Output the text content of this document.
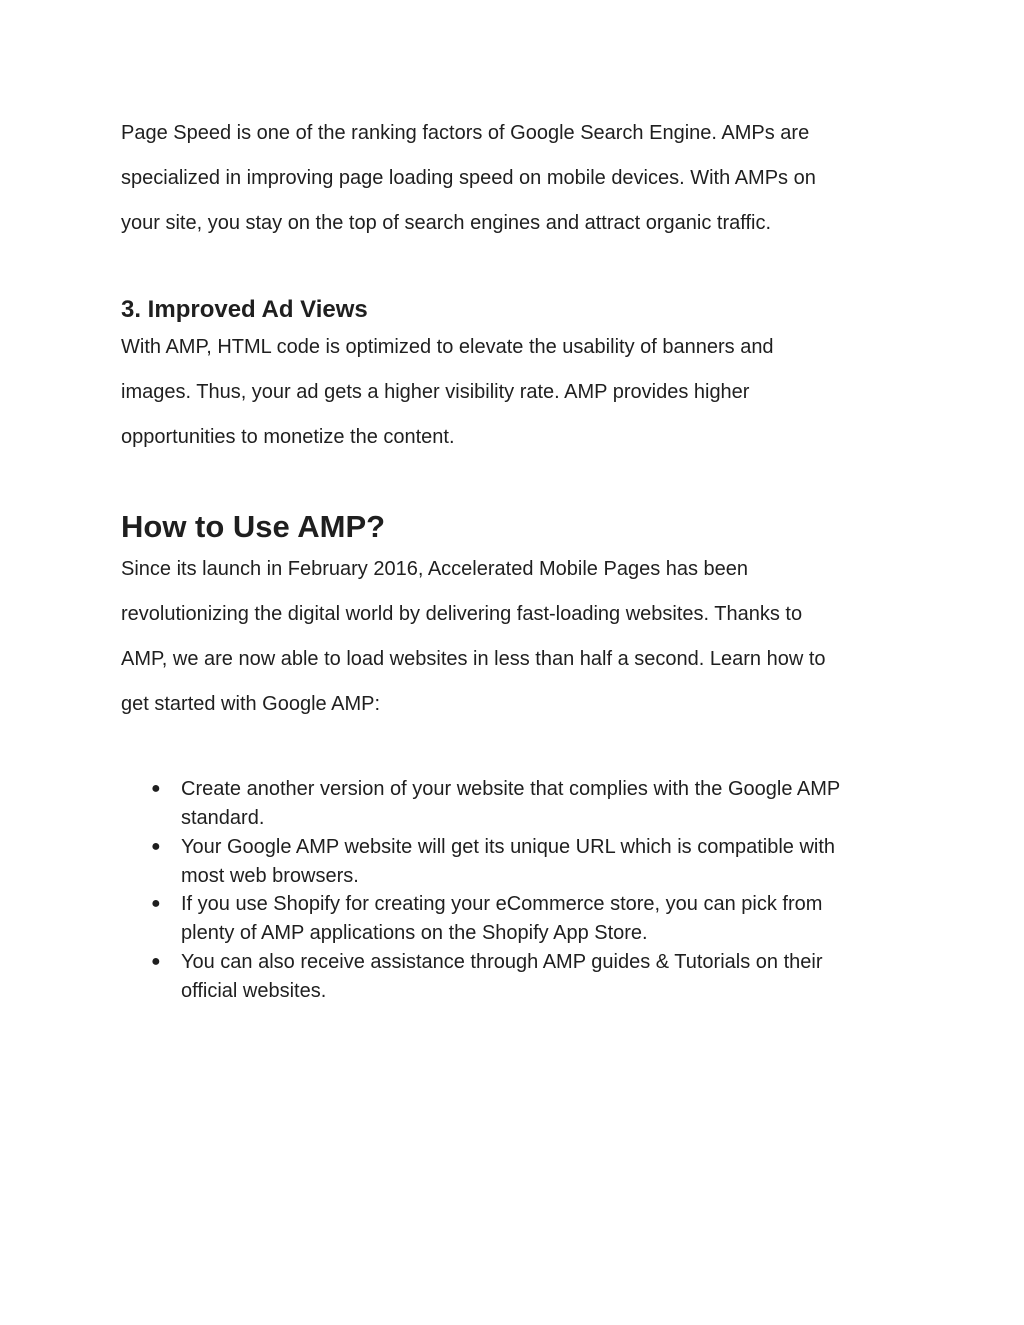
Page Speed is one of the ranking factors of Google Search Engine. AMPs are

specialized in improving page loading speed on mobile devices. With AMPs on

your site, you stay on the top of search engines and attract organic traffic.

3. Improved Ad Views

With AMP, HTML code is optimized to elevate the usability of banners and

images. Thus, your ad gets a higher visibility rate. AMP provides higher

opportunities to monetize the content.

How to Use AMP?

Since its launch in February 2016, Accelerated Mobile Pages has been

revolutionizing the digital world by delivering fast-loading websites. Thanks to

AMP, we are now able to load websites in less than half a second. Learn how to

get started with Google AMP:

● Create another version of your website that complies with the Google AMP

standard.

● Your Google AMP website will get its unique URL which is compatible with

most web browsers.

● If you use Shopify for creating your eCommerce store, you can pick from

plenty of AMP applications on the Shopify App Store.

● You can also receive assistance through AMP guides & Tutorials on their

official websites.
